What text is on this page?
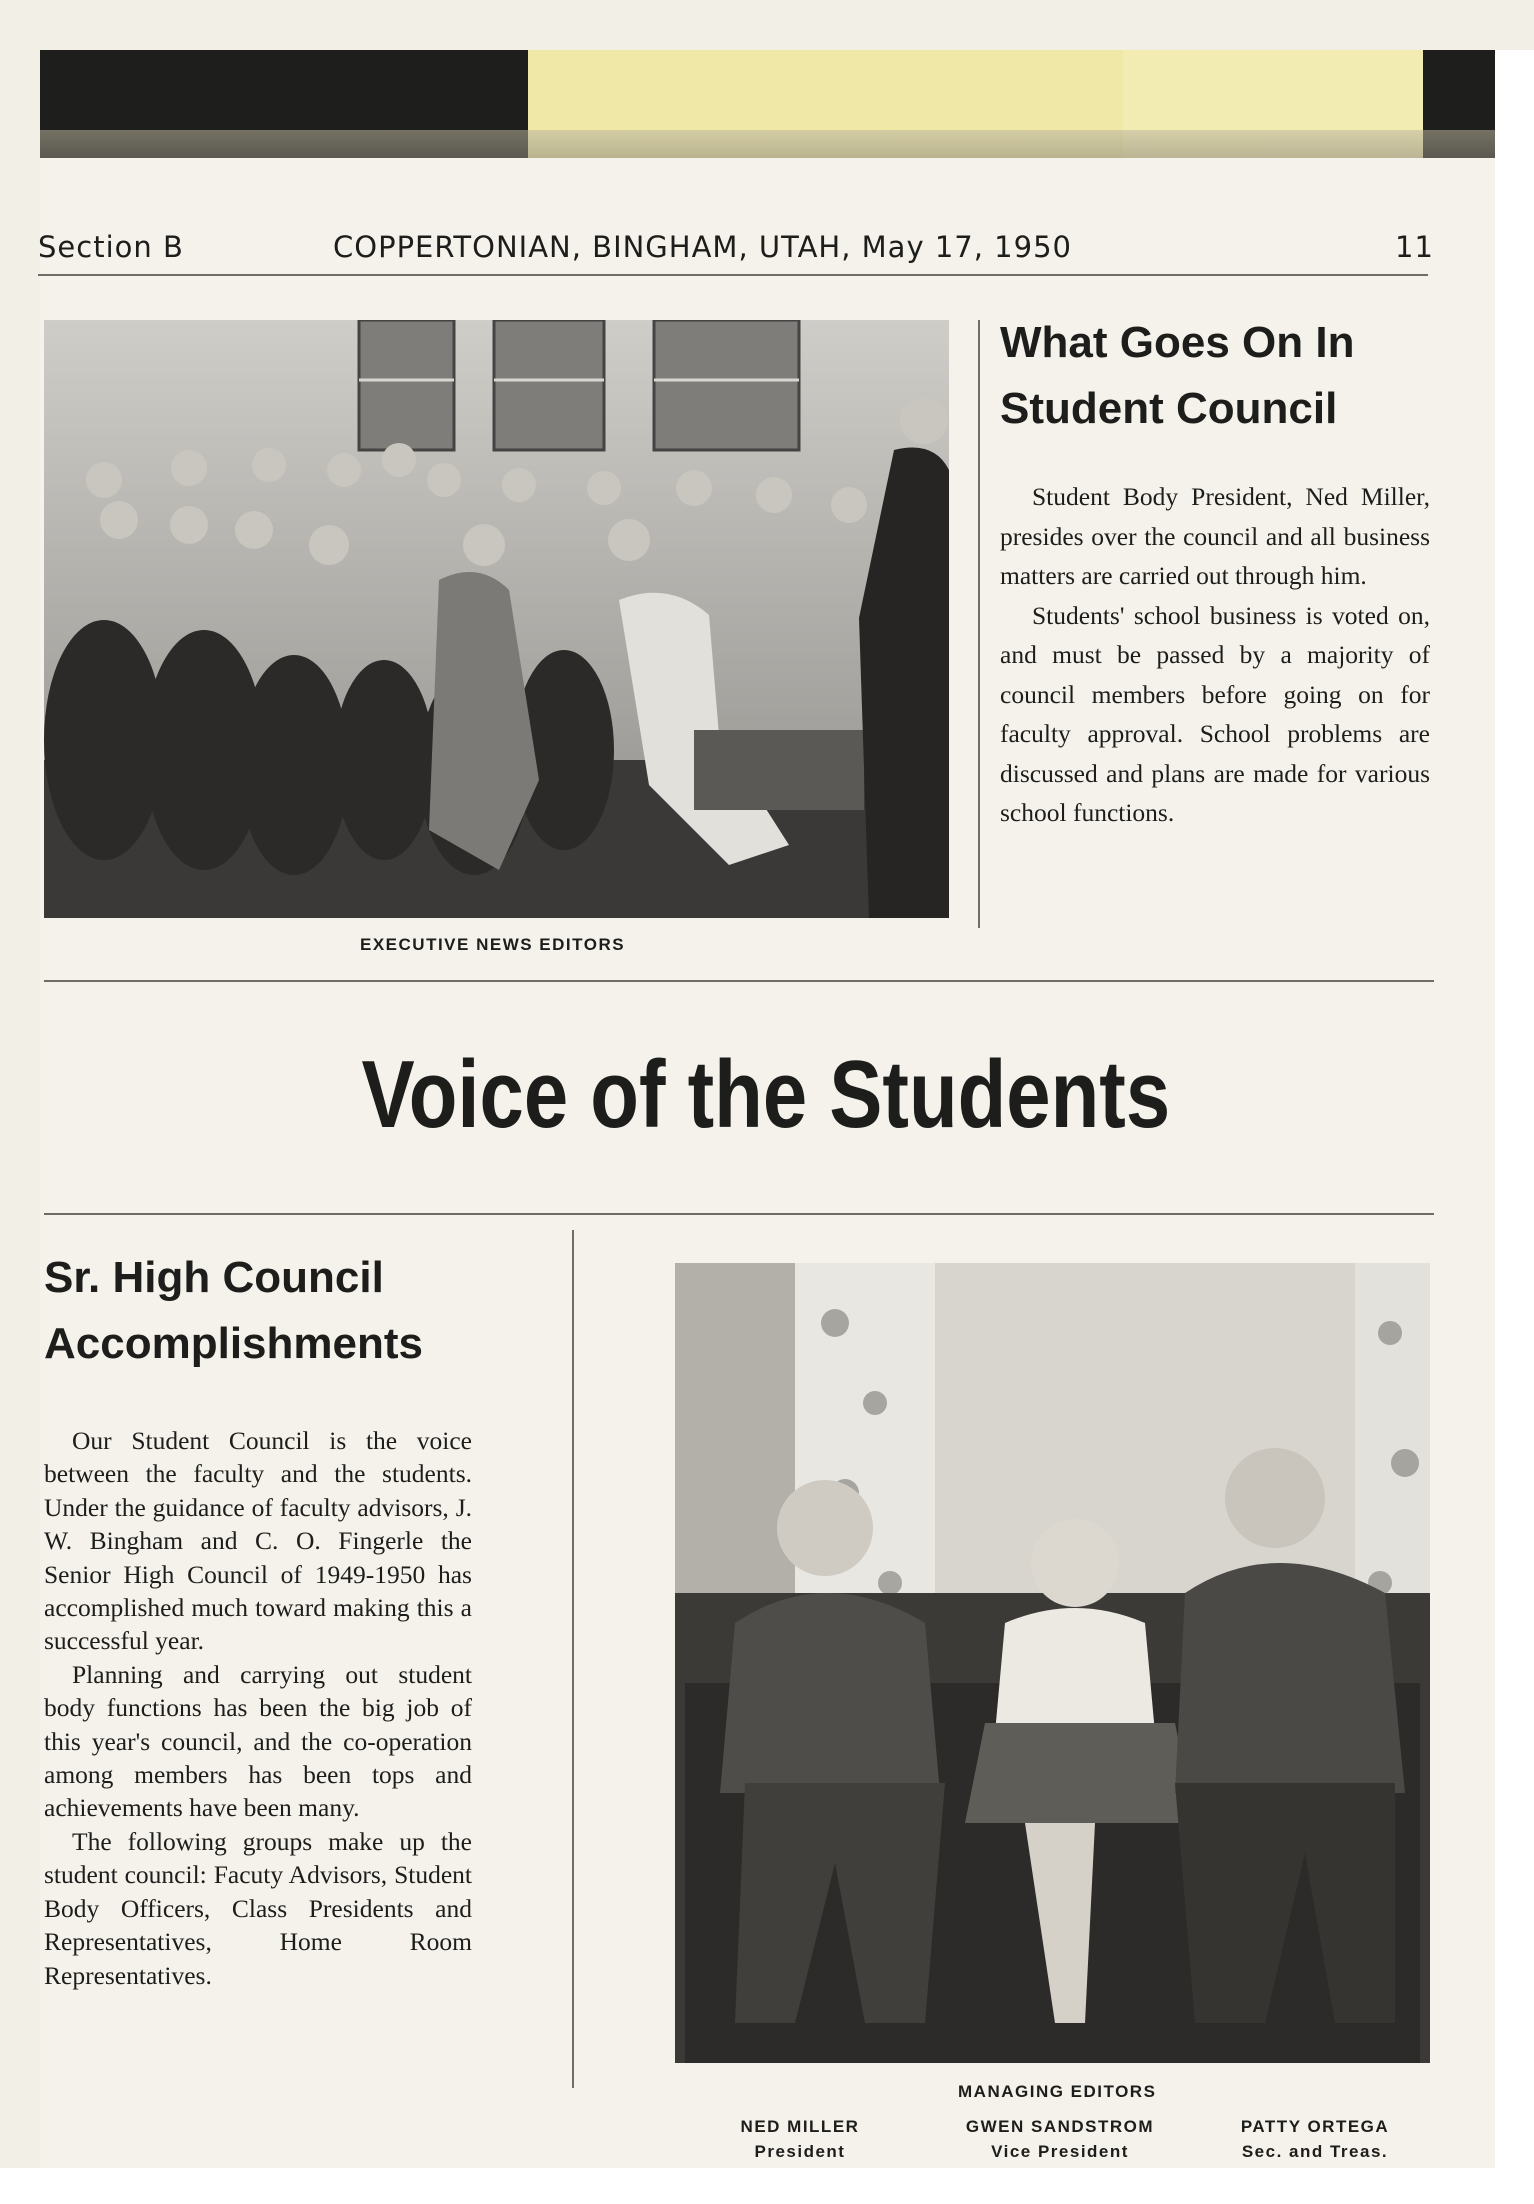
Section B	COPPERTONIAN, BINGHAM, UTAH, May 17, 1950	11
EXECUTIVE NEWS EDITORS
What Goes On In
Student Council

Student Body President, Ned Miller, presides over the council and all business matters are carried out through him.

Students' school business is voted on, and must be passed by a majority of council members before going on for faculty approval. School problems are discussed and plans are made for various school functions.

Voice of the Students
Sr. High Council
Accomplishments

Our Student Council is the voice between the faculty and the students. Under the guidance of faculty advisors, J. W. Bingham and C. O. Fingerle the Senior High Council of 1949-1950 has accomplished much toward making this a successful year.

Planning and carrying out student body functions has been the big job of this year's council, and the co-operation among members has been tops and achievements have been many.

The following groups make up the student council: Facuty Advisors, Student Body Officers, Class Presidents and Representatives, Home Room Representatives.

MANAGING EDITORS
NED MILLER
President
GWEN SANDSTROM
Vice President
PATTY ORTEGA
Sec. and Treas.
